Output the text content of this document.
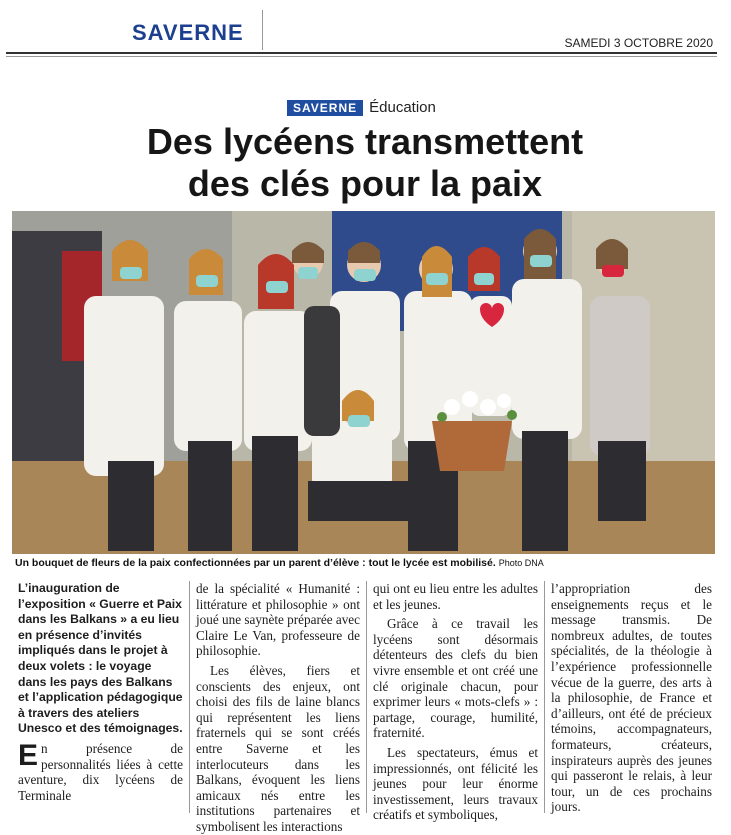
SAVERNE	SAMEDI 3 OCTOBRE 2020
SAVERNE Éducation
Des lycéens transmettent
des clés pour la paix
Un bouquet de fleurs de la paix confectionnées par un parent d’élève : tout le lycée est mobilisé. Photo DNA

L’inauguration de l’exposition « Guerre et Paix dans les Balkans » a eu lieu en présence d’invités impliqués dans le projet à deux volets : le voyage dans les pays des Balkans et l’application pédagogique à travers des ateliers Unesco et des témoignages.

E n présence de personnalités liées à cette aventure, dix lycéens de Terminale

de la spécialité « Humanité : littérature et philosophie » ont joué une saynète préparée avec Claire Le Van, professeure de philosophie.

Les élèves, fiers et conscients des enjeux, ont choisi des fils de laine blancs qui représentent les liens fraternels qui se sont créés entre Saverne et les interlocuteurs dans les Balkans, évoquent les liens amicaux nés entre les institutions partenaires et symbolisent les interactions

qui ont eu lieu entre les adultes et les jeunes.

Grâce à ce travail les lycéens sont désormais détenteurs des clefs du bien vivre ensemble et ont créé une clé originale chacun, pour exprimer leurs « mots-clefs » : partage, courage, humilité, fraternité.

Les spectateurs, émus et impressionnés, ont félicité les jeunes pour leur énorme investissement, leurs travaux créatifs et symboliques,

l’appropriation des enseignements reçus et le message transmis. De nombreux adultes, de toutes spécialités, de la théologie à l’expérience professionnelle vécue de la guerre, des arts à la philosophie, de France et d’ailleurs, ont été de précieux témoins, accompagnateurs, formateurs, créateurs, inspirateurs auprès des jeunes qui passeront le relais, à leur tour, un de ces prochains jours.
